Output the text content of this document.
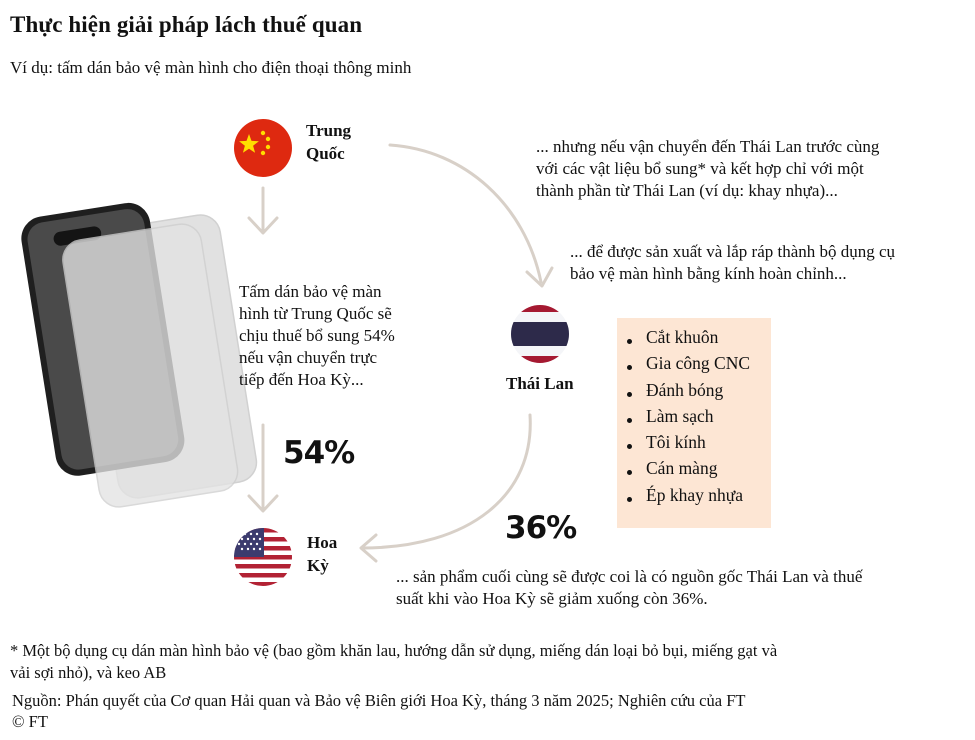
Thực hiện giải pháp lách thuế quan
Ví dụ: tấm dán bảo vệ màn hình cho điện thoại thông minh
Trung
Quốc
Thái Lan
Hoa
Kỳ
Tấm dán bảo vệ màn
hình từ Trung Quốc sẽ
chịu thuế bổ sung 54%
nếu vận chuyển trực
tiếp đến Hoa Kỳ...
... nhưng nếu vận chuyển đến Thái Lan trước cùng
với các vật liệu bổ sung* và kết hợp chỉ với một
thành phần từ Thái Lan (ví dụ: khay nhựa)...
... để được sản xuất và lắp ráp thành bộ dụng cụ
bảo vệ màn hình bằng kính hoàn chỉnh...
... sản phẩm cuối cùng sẽ được coi là có nguồn gốc Thái Lan và thuế
suất khi vào Hoa Kỳ sẽ giảm xuống còn 36%.
54%
36%
Cắt khuôn
Gia công CNC
Đánh bóng
Làm sạch
Tôi kính
Cán màng
Ép khay nhựa
* Một bộ dụng cụ dán màn hình bảo vệ (bao gồm khăn lau, hướng dẫn sử dụng, miếng dán loại bỏ bụi, miếng gạt và
vải sợi nhỏ), và keo AB
Nguồn: Phán quyết của Cơ quan Hải quan và Bảo vệ Biên giới Hoa Kỳ, tháng 3 năm 2025; Nghiên cứu của FT
© FT
